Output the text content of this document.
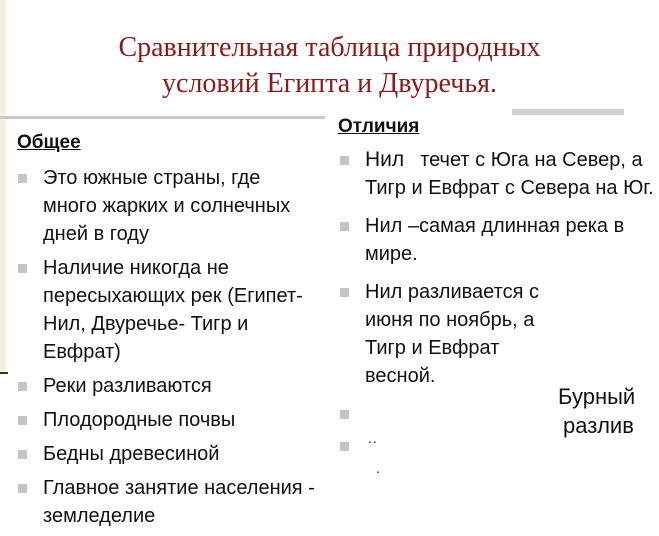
Сравнительная таблица природных
условий Египта и Двуречья.
Общее
Отличия
Это южные страны, где много жарких и солнечных дней в году
Наличие никогда не пересыхающих рек (Египет- Нил, Двуречье- Тигр и Евфрат)
Реки разливаются
Плодородные почвы
Бедны древесиной
Главное занятие населения - земледелие
Нил течет с Юга на Север, а Тигр и Евфрат с Севера на Юг.
Нил –самая длинная река в мире.
Нил разливается с июня по ноябрь, а Тигр и Евфрат весной.
Бурный
разлив
..
.
